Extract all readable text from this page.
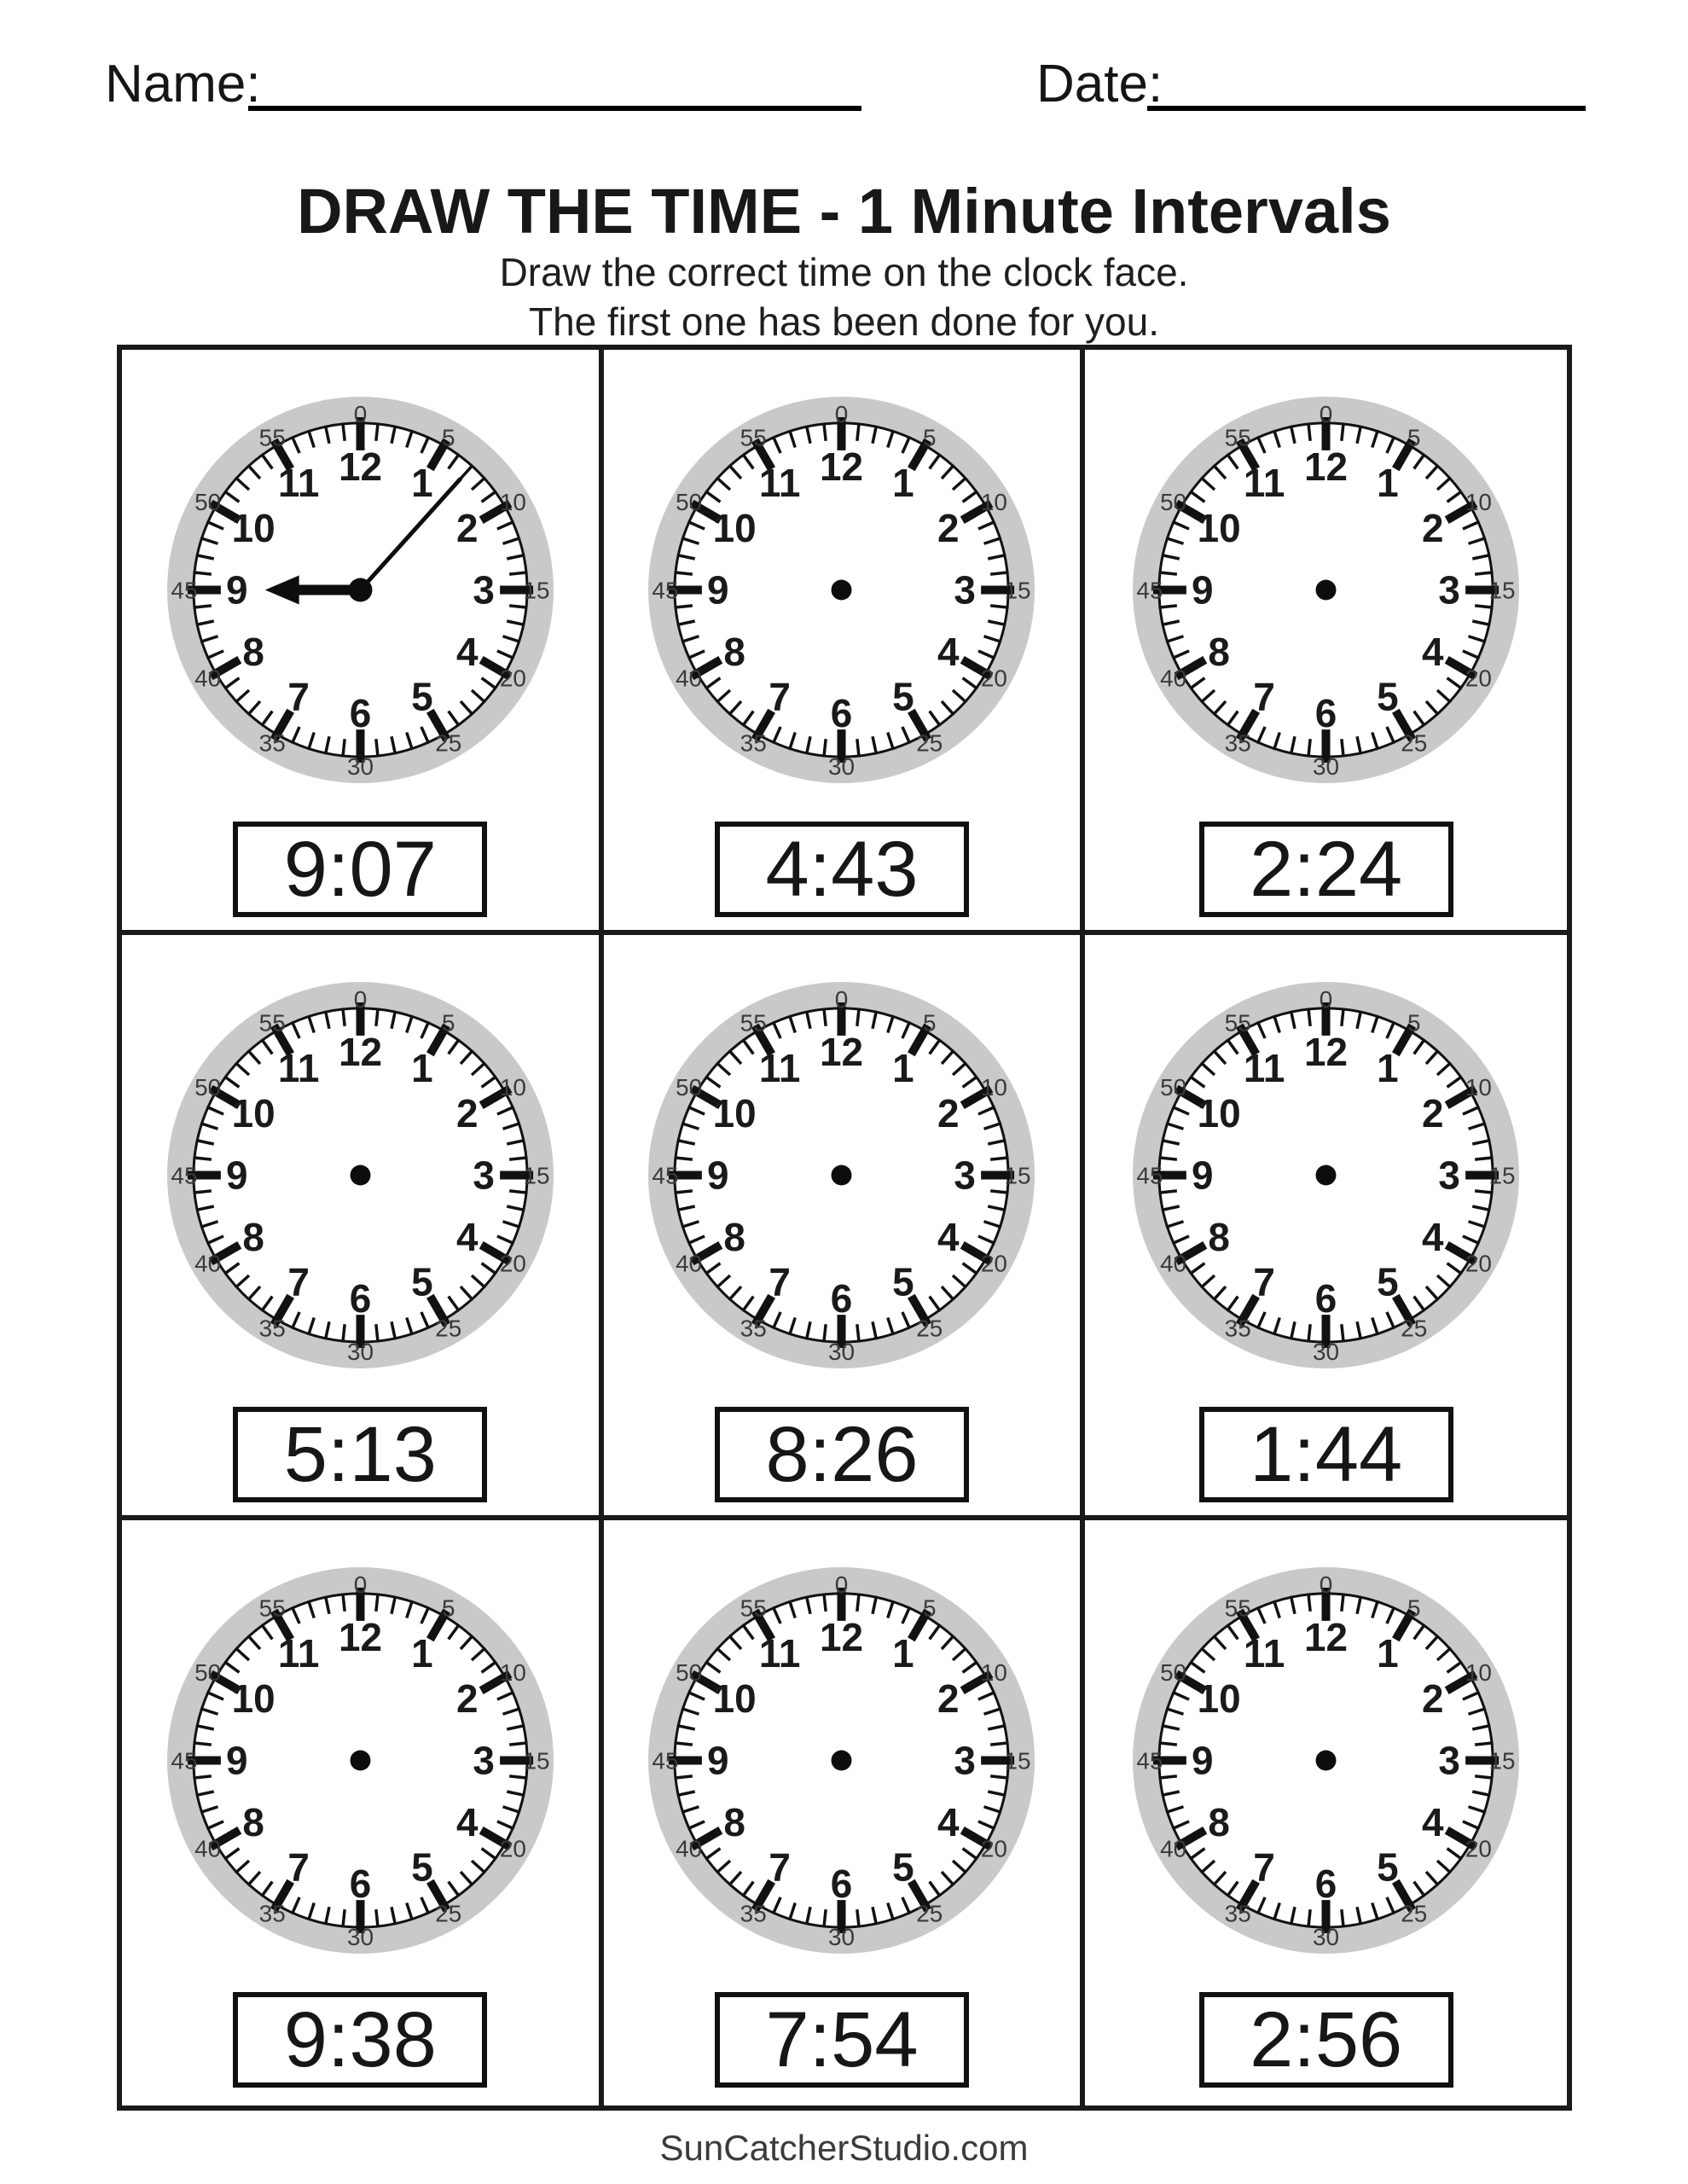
Name:	Date:
DRAW THE TIME - 1 Minute Intervals
Draw the correct time on the clock face.
The first one has been done for you.
0
5
10
15
20
25
30
35
40
45
50
55
1
2
3
4
5
6
7
8
9
10
11 12
9:07
0
5
10
15
20
25
30
35
40
45
50
55
1
2
3
4
5
6
7
8
9
10
11 12
4:43
0
5
10
15
20
25
30
35
40
45
50
55
1
2
3
4
5
6
7
8
9
10
11 12
2:24
0
5
10
15
20
25
30
35
40
45
50
55
1
2
3
4
5
6
7
8
9
10
11 12
5:13
0
5
10
15
20
25
30
35
40
45
50
55
1
2
3
4
5
6
7
8
9
10
11 12
8:26
0
5
10
15
20
25
30
35
40
45
50
55
1
2
3
4
5
6
7
8
9
10
11 12
1:44
0
5
10
15
20
25
30
35
40
45
50
55
1
2
3
4
5
6
7
8
9
10
11 12
9:38
0
5
10
15
20
25
30
35
40
45
50
55
1
2
3
4
5
6
7
8
9
10
11 12
7:54
0
5
10
15
20
25
30
35
40
45
50
55
1
2
3
4
5
6
7
8
9
10
11 12
2:56
SunCatcherStudio.com
